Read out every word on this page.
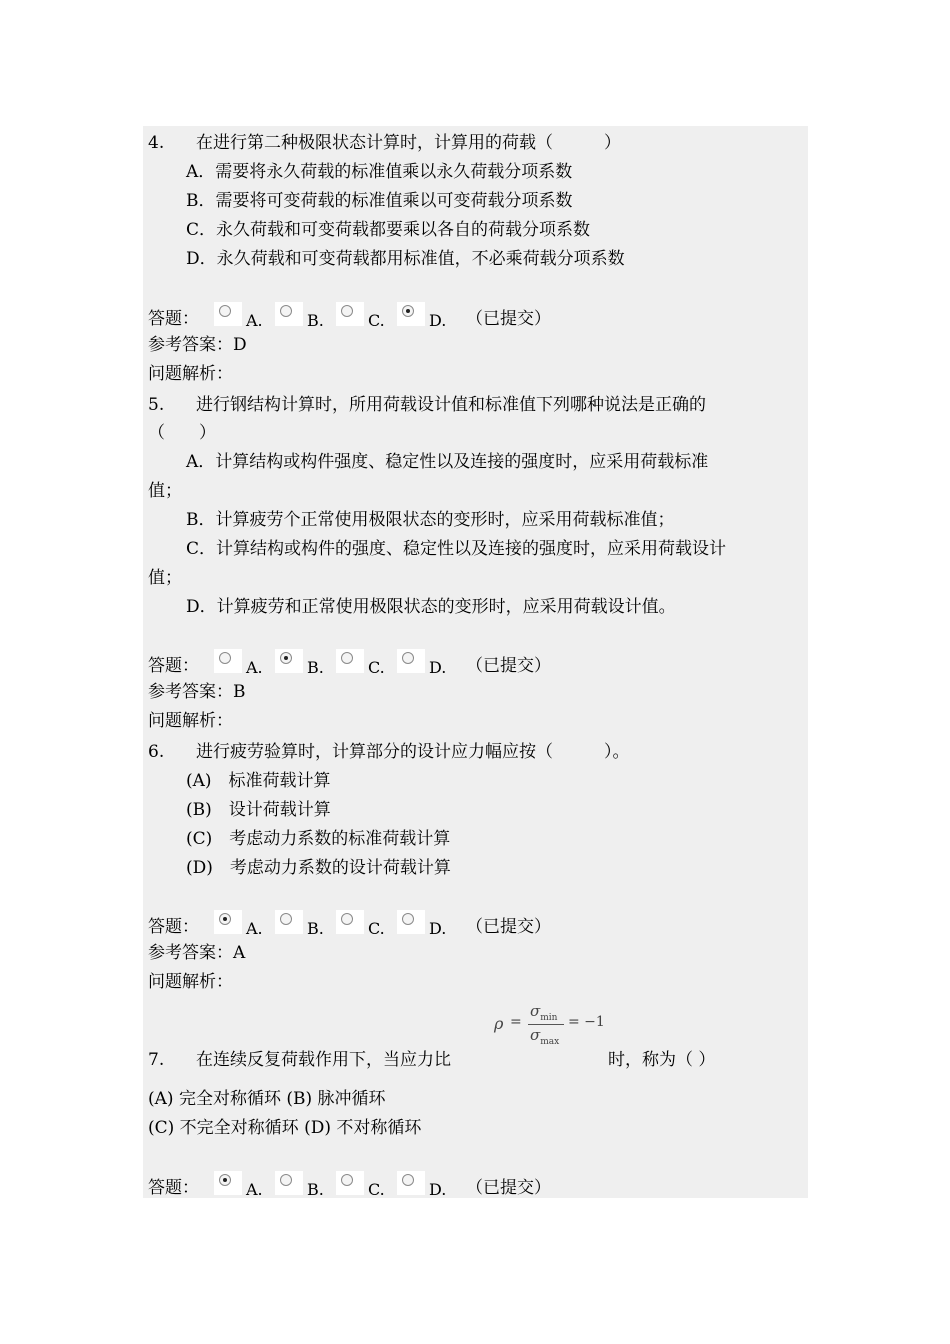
4. 在进行第二种极限状态计算时，计算用的荷载（　　　）
A．需要将永久荷载的标准值乘以永久荷载分项系数
B．需要将可变荷载的标准值乘以可变荷载分项系数
C．永久荷载和可变荷载都要乘以各自的荷载分项系数
D．永久荷载和可变荷载都用标准值，不必乘荷载分项系数
答题：	A.	B.	C.	D. （已提交）
参考答案：D
问题解析：
5. 进行钢结构计算时，所用荷载设计值和标准值下列哪种说法是正确的
（　　）
A．计算结构或构件强度、稳定性以及连接的强度时，应采用荷载标准
值；
B．计算疲劳个正常使用极限状态的变形时，应采用荷载标准值；
C．计算结构或构件的强度、稳定性以及连接的强度时，应采用荷载设计
值；
D．计算疲劳和正常使用极限状态的变形时，应采用荷载设计值。
答题：	A.	B.	C.	D. （已提交）
参考答案：B
问题解析：
6. 进行疲劳验算时，计算部分的设计应力幅应按（　　　）。
(A)　标准荷载计算
(B)　设计荷载计算
(C)　考虑动力系数的标准荷载计算
(D)　考虑动力系数的设计荷载计算
答题：	A.	B.	C.	D. （已提交）
参考答案：A
问题解析：
ρ =
$\sigma_{min}$
$\sigma_{max}$
= −1
7. 在连续反复荷载作用下，当应力比	时，称为（ ）
(A) 完全对称循环 (B) 脉冲循环
(C) 不完全对称循环 (D) 不对称循环
答题：	A.	B.	C.	D. （已提交）
